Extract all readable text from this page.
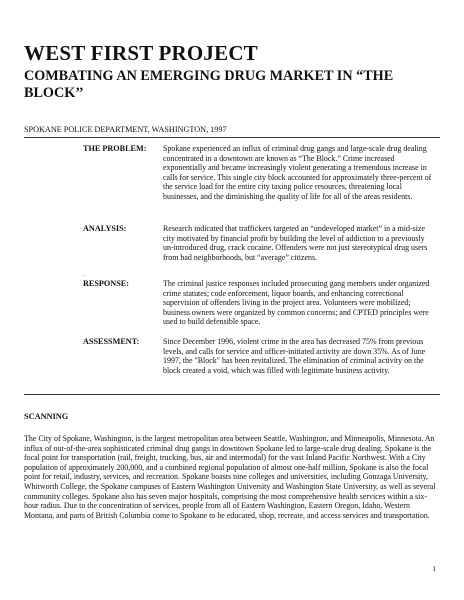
WEST FIRST PROJECT
COMBATING AN EMERGING DRUG MARKET IN “THE BLOCK’’
SPOKANE POLICE DEPARTMENT, WASHINGTON, 1997
THE PROBLEM: Spokane experienced an influx of criminal drug gangs and large-scale drug dealing concentrated in a downtown are known as “The Block.” Crime increased exponentially and became increasingly violent generating a tremendous increase in calls for service. This single city block accounted for approximately three-percent of the service load for the entire city taxing police resources, threatening local businesses, and the diminishing the quality of life for all of the areas residents.
ANALYSIS:	Research indicated that traffickers targeted an “undeveloped market” in a mid-size city motivated by financial profit by building the level of addiction to a previously un-introduced drug, crack cocaine. Offenders were not just stereotypical drug users from bad neighborhoods, but “average” citizens.
.
RESPONSE:	The criminal justice responses included prosecuting gang members under organized crime statutes; code enforcement, liquor boards, and enhancing correctional supervision of offenders living in the project area. Volunteers were mobilized; business owners were organized by common concerns; and CPTED principles were used to build defensible space.
ASSESSMENT:	Since December 1996, violent crime in the area has decreased 75% from previous levels, and calls for service and officer-initiated activity are down 35%. As of June 1997, the "Block" has been revitalized. The elimination of criminal activity on the block created a void, which was filled with legitimate business activity.
SCANNING
The City of Spokane, Washington, is the largest metropolitan area between Seattle, Washington, and Minneapolis, Minnesota. An influx of out-of-the-area sophisticated criminal drug gangs in downtown Spokane led to large-scale drug dealing. Spokane is the focal point for transportation (rail, freight, trucking, bus, air and intermodal) for the vast Inland Pacific Northwest. With a City population of approximately 200,000, and a combined regional population of almost one-half million, Spokane is also the focal point for retail, industry, services, and recreation. Spokane boasts nine colleges and universities, including Gonzaga University, Whitworth College, the Spokane campuses of Eastern Washington University and Washington State University, as well as several community colleges. Spokane also has seven major hospitals, comprising the most comprehensive health services within a six-hour radius. Due to the concentration of services, people from all of Eastern Washington, Eastern Oregon, Idaho, Western Montana, and parts of British Columbia come to Spokane to be educated, shop, recreate, and access services and transportation.
1
